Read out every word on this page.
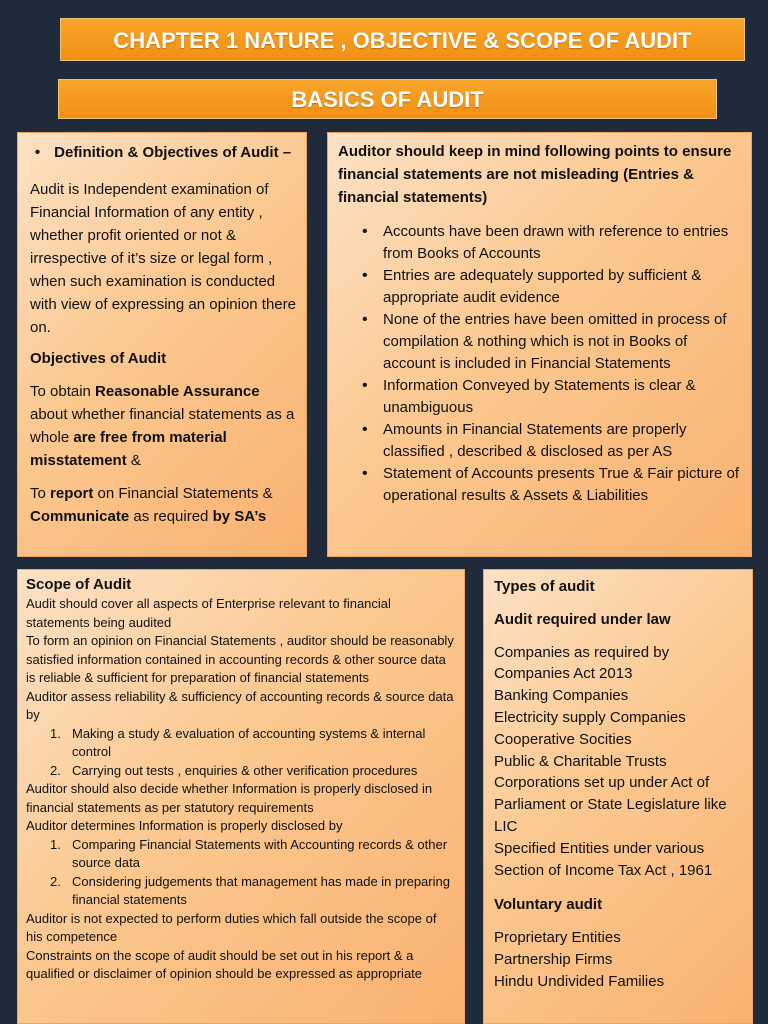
CHAPTER 1 NATURE , OBJECTIVE & SCOPE OF AUDIT
BASICS OF AUDIT
• Definition & Objectives of Audit –

Audit is Independent examination of Financial Information of any entity , whether profit oriented or not & irrespective of it’s size or legal form , when such examination is conducted with view of expressing an opinion there on.

Objectives of Audit

To obtain Reasonable Assurance about whether financial statements as a whole are free from material misstatement &

To report on Financial Statements & Communicate as required by SA’s

Auditor should keep in mind following points to ensure financial statements are not misleading (Entries & financial statements)

• Accounts have been drawn with reference to entries from Books of Accounts
• Entries are adequately supported by sufficient & appropriate audit evidence
• None of the entries have been omitted in process of compilation & nothing which is not in Books of account is included in Financial Statements
• Information Conveyed by Statements is clear & unambiguous
• Amounts in Financial Statements are properly classified , described & disclosed as per AS
• Statement of Accounts presents True & Fair picture of operational results & Assets & Liabilities

Scope of Audit

Audit should cover all aspects of Enterprise relevant to financial statements being audited

To form an opinion on Financial Statements , auditor should be reasonably satisfied information contained in accounting records & other source data is reliable & sufficient for preparation of financial statements

Auditor assess reliability & sufficiency of accounting records & source data by

1. Making a study & evaluation of accounting systems & internal control
2. Carrying out tests , enquiries & other verification procedures

Auditor should also decide whether Information is properly disclosed in financial statements as per statutory requirements

Auditor determines Information is properly disclosed by

1. Comparing Financial Statements with Accounting records & other source data
2. Considering judgements that management has made in preparing financial statements

Auditor is not expected to perform duties which fall outside the scope of his competence

Constraints on the scope of audit should be set out in his report & a qualified or disclaimer of opinion should be expressed as appropriate

Types of audit

Audit required under law

Companies as required by Companies Act 2013
Banking Companies
Electricity supply Companies
Cooperative Socities
Public & Charitable Trusts
Corporations set up under Act of Parliament or State Legislature like LIC
Specified Entities under various Section of Income Tax Act , 1961

Voluntary audit

Proprietary Entities
Partnership Firms
Hindu Undivided Families
